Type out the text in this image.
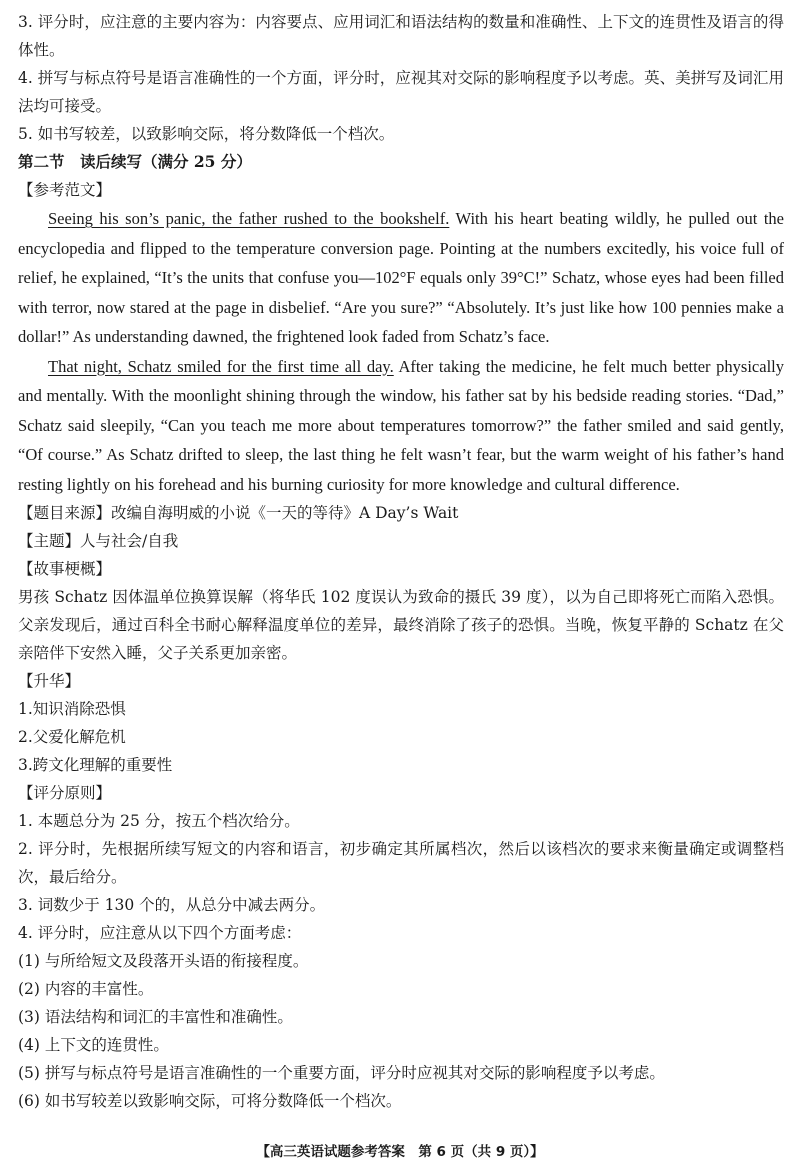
3. 评分时，应注意的主要内容为：内容要点、应用词汇和语法结构的数量和准确性、上下文的连贯性及语言的得体性。

4. 拼写与标点符号是语言准确性的一个方面，评分时，应视其对交际的影响程度予以考虑。英、美拼写及词汇用法均可接受。

5. 如书写较差，以致影响交际，将分数降低一个档次。

第二节　读后续写（满分 25 分）

【参考范文】

Seeing his son’s panic, the father rushed to the bookshelf. With his heart beating wildly, he pulled out the encyclopedia and flipped to the temperature conversion page. Pointing at the numbers excitedly, his voice full of relief, he explained, “It’s the units that confuse you—102°F equals only 39°C!” Schatz, whose eyes had been filled with terror, now stared at the page in disbelief. “Are you sure?” “Absolutely. It’s just like how 100 pennies make a dollar!” As understanding dawned, the frightened look faded from Schatz’s face.

That night, Schatz smiled for the first time all day. After taking the medicine, he felt much better physically and mentally. With the moonlight shining through the window, his father sat by his bedside reading stories. “Dad,” Schatz said sleepily, “Can you teach me more about temperatures tomorrow?” the father smiled and said gently, “Of course.” As Schatz drifted to sleep, the last thing he felt wasn’t fear, but the warm weight of his father’s hand resting lightly on his forehead and his burning curiosity for more knowledge and cultural difference.

【题目来源】改编自海明威的小说《一天的等待》A Day’s Wait

【主题】人与社会/自我

【故事梗概】

男孩 Schatz 因体温单位换算误解（将华氏 102 度误认为致命的摄氏 39 度），以为自己即将死亡而陷入恐惧。父亲发现后，通过百科全书耐心解释温度单位的差异，最终消除了孩子的恐惧。当晚，恢复平静的 Schatz 在父亲陪伴下安然入睡，父子关系更加亲密。

【升华】

1.知识消除恐惧

2.父爱化解危机

3.跨文化理解的重要性

【评分原则】

1. 本题总分为 25 分，按五个档次给分。

2. 评分时，先根据所续写短文的内容和语言，初步确定其所属档次，然后以该档次的要求来衡量确定或调整档次，最后给分。

3. 词数少于 130 个的，从总分中减去两分。

4. 评分时，应注意从以下四个方面考虑：

(1) 与所给短文及段落开头语的衔接程度。

(2) 内容的丰富性。

(3) 语法结构和词汇的丰富性和准确性。

(4) 上下文的连贯性。

(5) 拼写与标点符号是语言准确性的一个重要方面，评分时应视其对交际的影响程度予以考虑。

(6) 如书写较差以致影响交际，可将分数降低一个档次。

【高三英语试题参考答案　第 6 页（共 9 页）】
